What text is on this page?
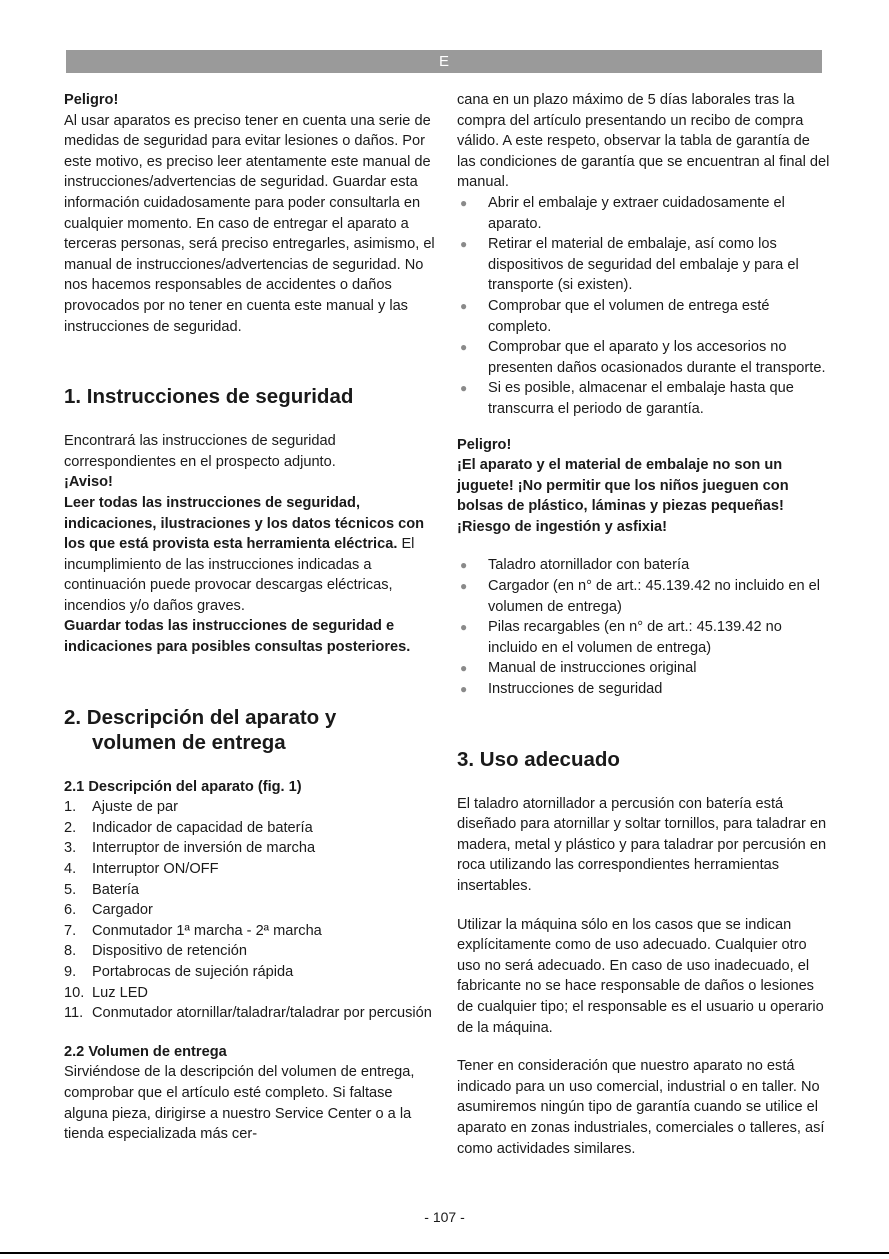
E

Peligro!

Al usar aparatos es preciso tener en cuenta una serie de medidas de seguridad para evitar lesiones o daños. Por este motivo, es preciso leer atentamente este manual de instrucciones/advertencias de seguridad. Guardar esta información cuidadosamente para poder consultarla en cualquier momento. En caso de entregar el aparato a terceras personas, será preciso entregarles, asimismo, el manual de instrucciones/advertencias de seguridad. No nos hacemos responsables de accidentes o daños provocados por no tener en cuenta este manual y las instrucciones de seguridad.

1. Instrucciones de seguridad

Encontrará las instrucciones de seguridad correspondientes en el prospecto adjunto.

¡Aviso!

Leer todas las instrucciones de seguridad, indicaciones, ilustraciones y los datos técnicos con los que está provista esta herramienta eléctrica. El incumplimiento de las instrucciones indicadas a continuación puede provocar descargas eléctricas, incendios y/o daños graves.

Guardar todas las instrucciones de seguridad e indicaciones para posibles consultas posteriores.

2. Descripción del aparato y
volumen de entrega
2.1 Descripción del aparato (fig. 1)
1.	Ajuste de par
2.	Indicador de capacidad de batería
3.	Interruptor de inversión de marcha
4.	Interruptor ON/OFF
5.	Batería
6.	Cargador
7.	Conmutador 1ª marcha - 2ª marcha
8.	Dispositivo de retención
9.	Portabrocas de sujeción rápida
10. Luz LED
11. Conmutador atornillar/taladrar/taladrar por percusión
2.2 Volumen de entrega

Sirviéndose de la descripción del volumen de entrega, comprobar que el artículo esté completo. Si faltase alguna pieza, dirigirse a nuestro Service Center o a la tienda especializada más cer-

cana en un plazo máximo de 5 días laborales tras la compra del artículo presentando un recibo de compra válido. A este respeto, observar la tabla de garantía de las condiciones de garantía que se encuentran al final del manual.

●	Abrir el embalaje y extraer cuidadosamente el aparato.
●	Retirar el material de embalaje, así como los dispositivos de seguridad del embalaje y para el transporte (si existen).
●	Comprobar que el volumen de entrega esté completo.
●	Comprobar que el aparato y los accesorios no presenten daños ocasionados durante el transporte.
●	Si es posible, almacenar el embalaje hasta que transcurra el periodo de garantía.

Peligro!

¡El aparato y el material de embalaje no son un juguete! ¡No permitir que los niños jueguen con bolsas de plástico, láminas y piezas pequeñas! ¡Riesgo de ingestión y asfixia!

●	Taladro atornillador con batería
●	Cargador (en n° de art.: 45.139.42 no incluido en el volumen de entrega)
●	Pilas recargables (en n° de art.: 45.139.42 no incluido en el volumen de entrega)
●	Manual de instrucciones original
●	Instrucciones de seguridad
3. Uso adecuado

El taladro atornillador a percusión con batería está diseñado para atornillar y soltar tornillos, para taladrar en madera, metal y plástico y para taladrar por percusión en roca utilizando las correspondientes herramientas insertables.

Utilizar la máquina sólo en los casos que se indican explícitamente como de uso adecuado. Cualquier otro uso no será adecuado. En caso de uso inadecuado, el fabricante no se hace responsable de daños o lesiones de cualquier tipo; el responsable es el usuario u operario de la máquina.

Tener en consideración que nuestro aparato no está indicado para un uso comercial, industrial o en taller. No asumiremos ningún tipo de garantía cuando se utilice el aparato en zonas industriales, comerciales o talleres, así como actividades similares.

- 107 -
